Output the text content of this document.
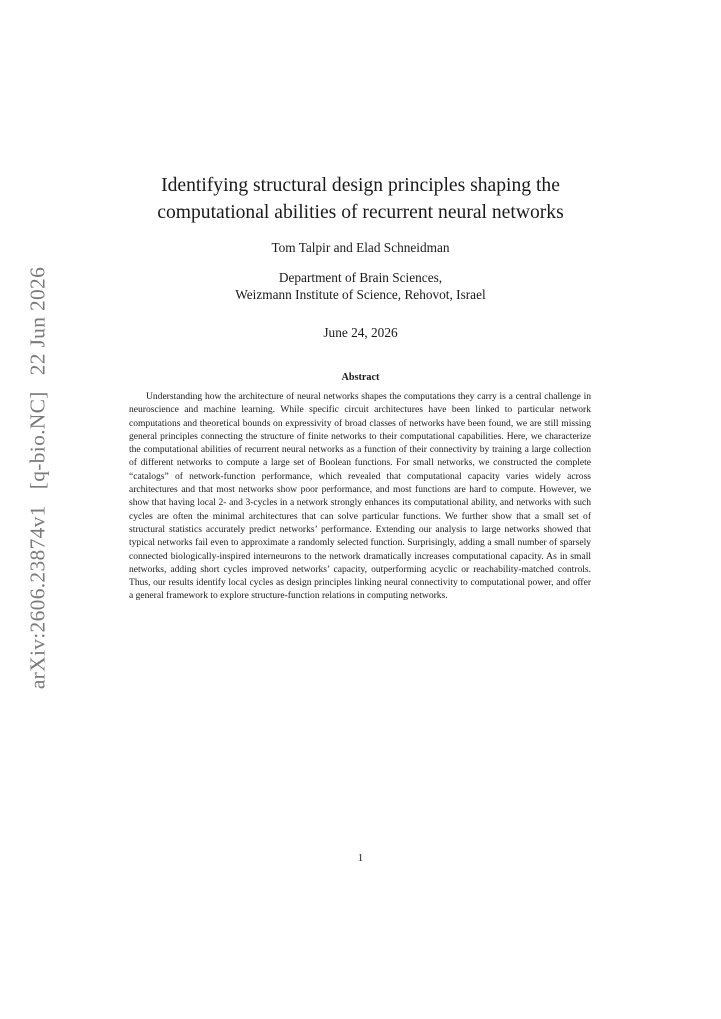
arXiv:2606.23874v1[q-bio.NC]22 Jun 2026
Identifying structural design principles shaping the
computational abilities of recurrent neural networks
Tom Talpir and Elad Schneidman
Department of Brain Sciences,
Weizmann Institute of Science, Rehovot, Israel
June 24, 2026
Abstract

Understanding how the architecture of neural networks shapes the computations they carry is a central challenge in neuroscience and machine learning. While specific circuit architectures have been linked to particular network computations and theoretical bounds on expressivity of broad classes of networks have been found, we are still missing general principles connecting the structure of finite networks to their computational capabilities. Here, we characterize the computational abilities of recurrent neural networks as a function of their connectivity by training a large collection of different networks to compute a large set of Boolean functions. For small networks, we constructed the complete “catalogs” of network-function performance, which revealed that computational capacity varies widely across architectures and that most networks show poor performance, and most functions are hard to compute. However, we show that having local 2- and 3-cycles in a network strongly enhances its computational ability, and networks with such cycles are often the minimal architectures that can solve particular functions. We further show that a small set of structural statistics accurately predict networks’ performance. Extending our analysis to large networks showed that typical networks fail even to approximate a randomly selected function. Surprisingly, adding a small number of sparsely connected biologically-inspired interneurons to the network dramatically increases computational capacity. As in small networks, adding short cycles improved networks’ capacity, outperforming acyclic or reachability-matched controls. Thus, our results identify local cycles as design principles linking neural connectivity to computational power, and offer a general framework to explore structure-function relations in computing networks.

1
